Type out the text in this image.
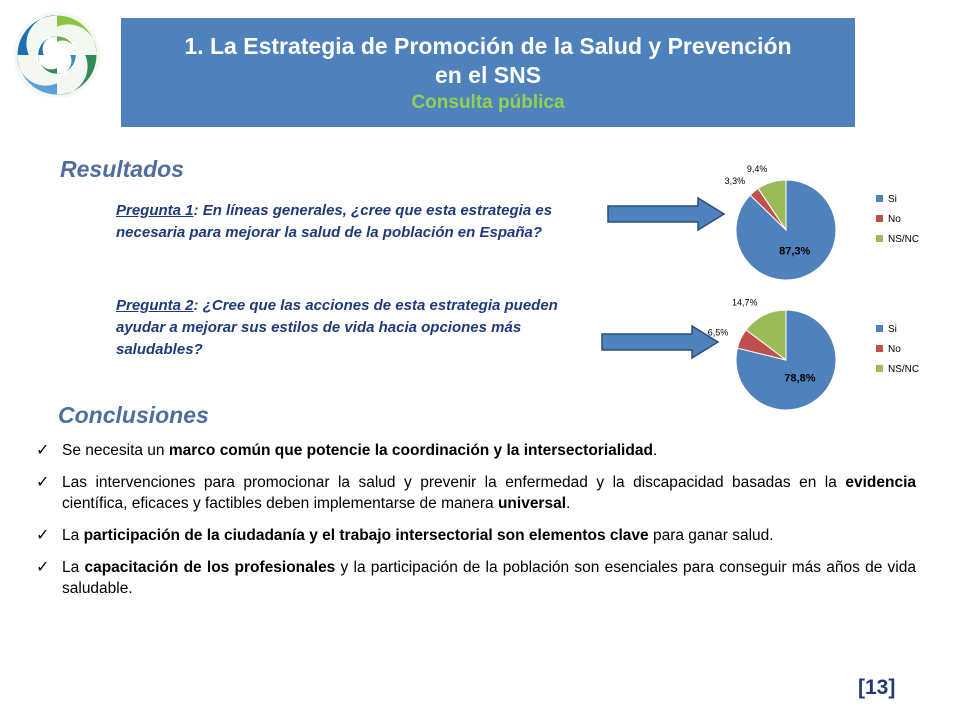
1. La Estrategia de Promoción de la Salud y Prevención
en el SNS
Consulta pública
Resultados
Pregunta 1: En líneas generales, ¿cree que esta estrategia es necesaria para mejorar la salud de la población en España?
Pregunta 2: ¿Cree que las acciones de esta estrategia pueden ayudar a mejorar sus estilos de vida hacia opciones más saludables?
87,3%
3,3%
9,4%
Si
No
NS/NC
78,8%
6,5%
14,7%
Si
No
NS/NC
Conclusiones
✓ Se necesita un marco común que potencie la coordinación y la intersectorialidad.
✓ Las intervenciones para promocionar la salud y prevenir la enfermedad y la discapacidad basadas en la evidencia científica, eficaces y factibles deben implementarse de manera universal.
✓ La participación de la ciudadanía y el trabajo intersectorial son elementos clave para ganar salud.
✓ La capacitación de los profesionales y la participación de la población son esenciales para conseguir más años de vida saludable.
[13]
